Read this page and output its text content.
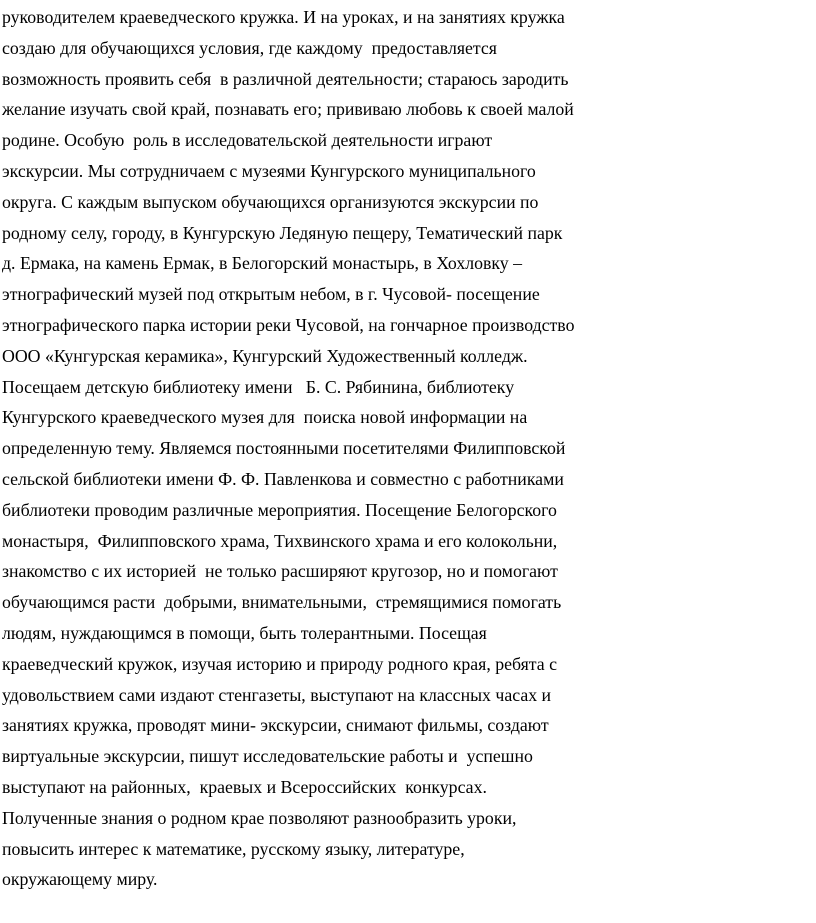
руководителем краеведческого кружка. И на уроках, и на занятиях кружка
создаю для обучающихся условия, где каждому  предоставляется
возможность проявить себя  в различной деятельности; стараюсь зародить
желание изучать свой край, познавать его; прививаю любовь к своей малой
родине. Особую  роль в исследовательской деятельности играют
экскурсии. Мы сотрудничаем с музеями Кунгурского муниципального
округа. С каждым выпуском обучающихся организуются экскурсии по
родному селу, городу, в Кунгурскую Ледяную пещеру, Тематический парк
д. Ермака, на камень Ермак, в Белогорский монастырь, в Хохловку –
этнографический музей под открытым небом, в г. Чусовой- посещение
этнографического парка истории реки Чусовой, на гончарное производство
ООО «Кунгурская керамика», Кунгурский Художественный колледж.
Посещаем детскую библиотеку имени   Б. С. Рябинина, библиотеку
Кунгурского краеведческого музея для  поиска новой информации на
определенную тему. Являемся постоянными посетителями Филипповской
сельской библиотеки имени Ф. Ф. Павленкова и совместно с работниками
библиотеки проводим различные мероприятия. Посещение Белогорского
монастыря,  Филипповского храма, Тихвинского храма и его колокольни,
знакомство с их историей  не только расширяют кругозор, но и помогают
обучающимся расти  добрыми, внимательными,  стремящимися помогать
людям, нуждающимся в помощи, быть толерантными. Посещая
краеведческий кружок, изучая историю и природу родного края, ребята с
удовольствием сами издают стенгазеты, выступают на классных часах и
занятиях кружка, проводят мини- экскурсии, снимают фильмы, создают
виртуальные экскурсии, пишут исследовательские работы и  успешно
выступают на районных,  краевых и Всероссийских  конкурсах.
Полученные знания о родном крае позволяют разнообразить уроки,
повысить интерес к математике, русскому языку, литературе,
окружающему миру.
